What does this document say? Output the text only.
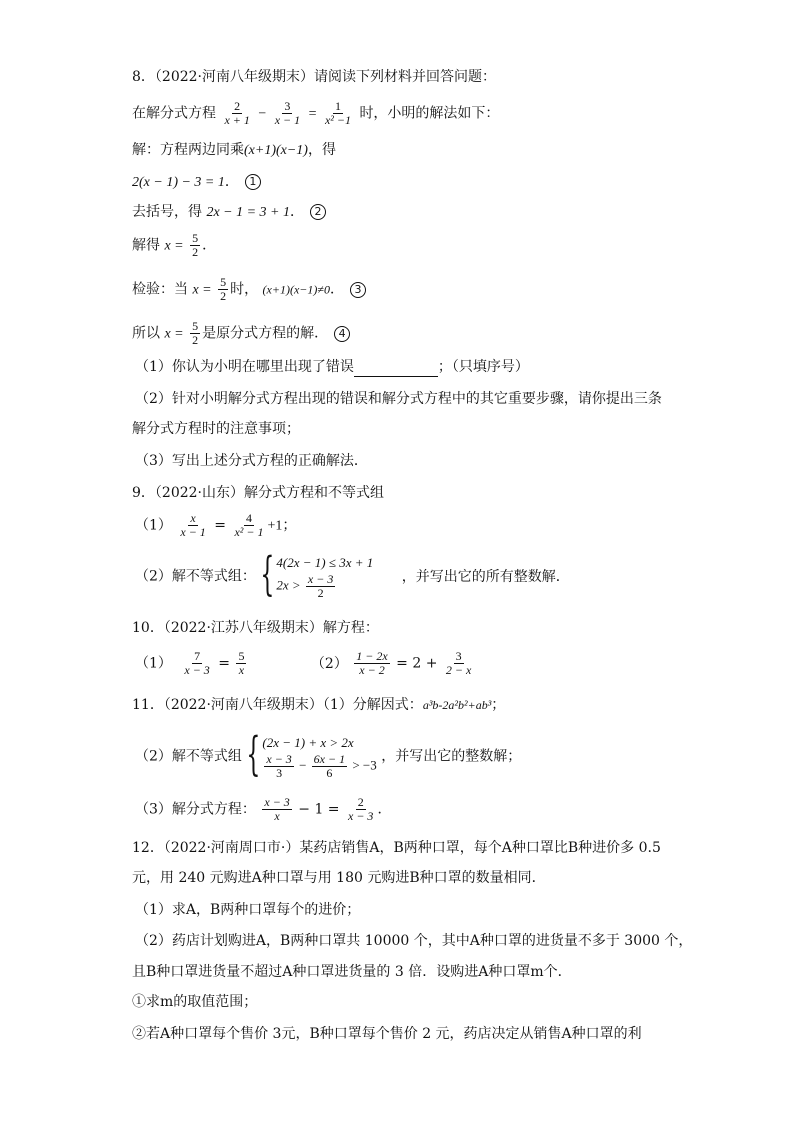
8．（2022·河南八年级期末）请阅读下列材料并回答问题：
在解分式方程 $\frac{2}{x + 1} - \frac{3}{x - 1} = \frac{1}{\text{x² −1}}$ 时，小明的解法如下：
解：方程两边同乘(x+1)(x−1)，得
2(x − 1) − 3 = 1． 1
去括号，得 2x − 1 = 3 + 1． 2
解得 $x = \frac{5}{2}$ ．
检验：当 $x = \frac{5}{2}$ 时， (x+1)(x−1)≠0． 3
所以 $x = \frac{5}{2}$ 是原分式方程的解． 4
（1）你认为小明在哪里出现了错误	；（只填序号）
（2）针对小明解分式方程出现的错误和解分式方程中的其它重要步骤，请你提出三条
解分式方程时的注意事项；
（3）写出上述分式方程的正确解法．
9．（2022·山东）解分式方程和不等式组
$(1) \frac{x}{x - 1} = \frac{4}{\text{x² − 1}} +1$；
（2）解不等式组： { 4(2x − 1) ≤ 3x + 1
$2x > \frac{x - 3}{2}$	，并写出它的所有整数解．
10．（2022·江苏八年级期末）解方程：
$(1) \frac{7}{x - 3} = \frac{5}{x}$	$(2) \frac{1 - 2x}{x - 2} = 2 + \frac{3}{2 - x}$
11．（2022·河南八年级期末）（1）分解因式：a³b-2a²b²+ab³；
（2）解不等式组 { (2x − 1) + x > 2x
$\frac{x - 3}{3} - \frac{6x - 1}{6} > -3$
，并写出它的整数解；
（3）解分式方程： $\frac{x - 3}{x} - 1 = \frac{2}{x - 3}$ ．
12．（2022·河南周口市·）某药店销售A，B两种口罩，每个A种口罩比B种进价多 0.5
元，用 240 元购进A种口罩与用 180 元购进B种口罩的数量相同．
（1）求A，B两种口罩每个的进价；
（2）药店计划购进A，B两种口罩共 10000 个，其中A种口罩的进货量不多于 3000 个，
且B种口罩进货量不超过A种口罩进货量的 3 倍．设购进A种口罩m个．
①求m的取值范围；
②若A种口罩每个售价 3元，B种口罩每个售价 2 元，药店决定从销售A种口罩的利
